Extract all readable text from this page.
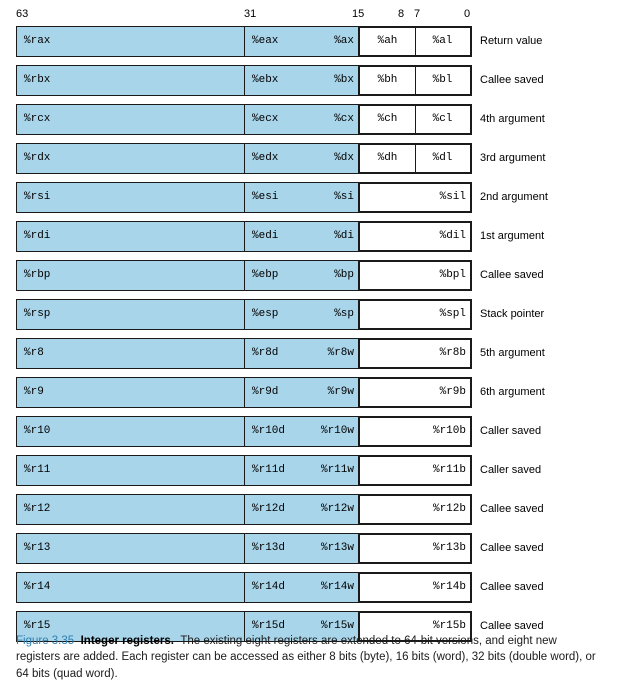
63	31	15	8 7	0
%rax	%eax	%ax	%ah	%al	Return value
%rbx	%ebx	%bx	%bh	%bl	Callee saved
%rcx	%ecx	%cx	%ch	%cl	4th argument
%rdx	%edx	%dx	%dh	%dl	3rd argument
%rsi	%esi	%si	%sil 2nd argument
%rdi	%edi	%di	%dil 1st argument
%rbp	%ebp	%bp	%bpl Callee saved
%rsp	%esp	%sp	%spl Stack pointer
%r8	%r8d	%r8w	%r8b 5th argument
%r9	%r9d	%r9w	%r9b 6th argument
%r10	%r10d	%r10w	%r10b Caller saved
%r11	%r11d	%r11w	%r11b Caller saved
%r12	%r12d	%r12w	%r12b Callee saved
%r13	%r13d	%r13w	%r13b Callee saved
%r14	%r14d	%r14w	%r14b Callee saved
%r15	%r15d	%r15w	%r15b Callee saved
Figure 3.35 Integer registers. The existing eight registers are extended to 64-bit versions, and eight new registers are added. Each register can be accessed as either 8 bits (byte), 16 bits (word), 32 bits (double word), or 64 bits (quad word).
